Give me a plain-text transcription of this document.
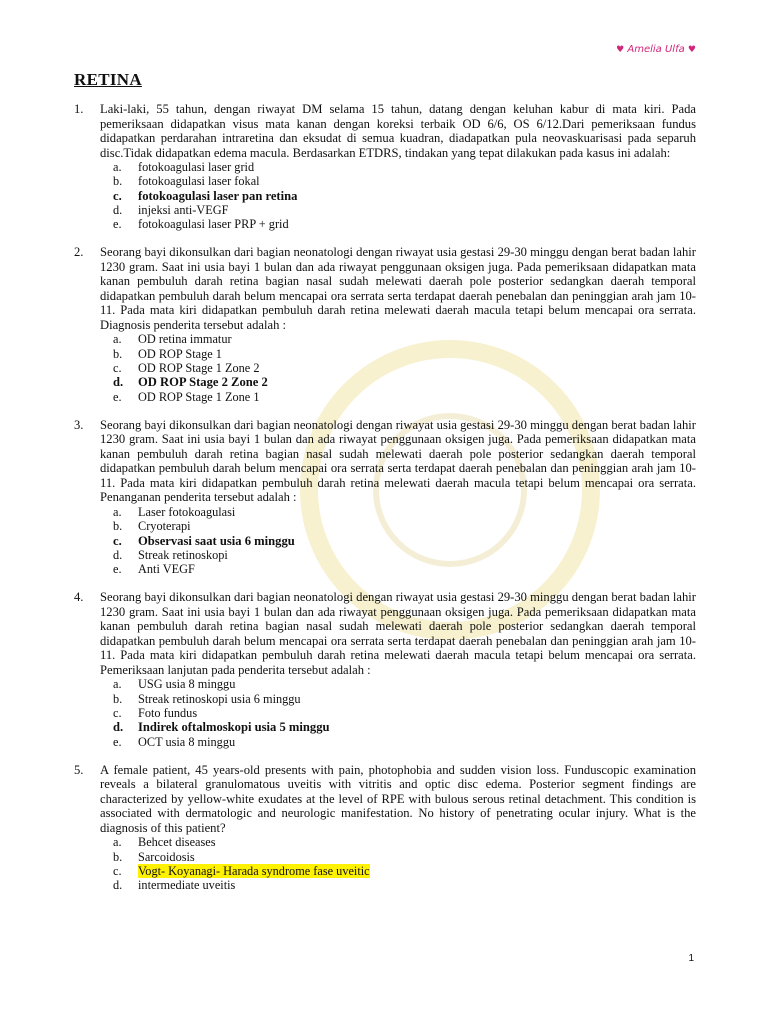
♥ Amelia Ulfa ♥
RETINA
1. Laki-laki, 55 tahun, dengan riwayat DM selama 15 tahun, datang dengan keluhan kabur di mata kiri. Pada pemeriksaan didapatkan visus mata kanan dengan koreksi terbaik OD 6/6, OS 6/12.Dari pemeriksaan fundus didapatkan perdarahan intraretina dan eksudat di semua kuadran, diadapatkan pula neovaskuarisasi pada separuh disc.Tidak didapatkan edema macula. Berdasarkan ETDRS, tindakan yang tepat dilakukan pada kasus ini adalah:

a. fotokoagulasi laser grid
b. fotokoagulasi laser fokal
c. fotokoagulasi laser pan retina
d. injeksi anti-VEGF
e. fotokoagulasi laser PRP + grid
2. Seorang bayi dikonsulkan dari bagian neonatologi dengan riwayat usia gestasi 29-30 minggu dengan berat badan lahir 1230 gram. Saat ini usia bayi 1 bulan dan ada riwayat penggunaan oksigen juga. Pada pemeriksaan didapatkan mata kanan pembuluh darah retina bagian nasal sudah melewati daerah pole posterior sedangkan daerah temporal didapatkan pembuluh darah belum mencapai ora serrata serta terdapat daerah penebalan dan peninggian arah jam 10-11. Pada mata kiri didapatkan pembuluh darah retina melewati daerah macula tetapi belum mencapai ora serrata. Diagnosis penderita tersebut adalah :

a. OD retina immatur
b. OD ROP Stage 1
c. OD ROP Stage 1 Zone 2
d. OD ROP Stage 2 Zone 2
e. OD ROP Stage 1 Zone 1
3. Seorang bayi dikonsulkan dari bagian neonatologi dengan riwayat usia gestasi 29-30 minggu dengan berat badan lahir 1230 gram. Saat ini usia bayi 1 bulan dan ada riwayat penggunaan oksigen juga. Pada pemeriksaan didapatkan mata kanan pembuluh darah retina bagian nasal sudah melewati daerah pole posterior sedangkan daerah temporal didapatkan pembuluh darah belum mencapai ora serrata serta terdapat daerah penebalan dan peninggian arah jam 10-11. Pada mata kiri didapatkan pembuluh darah retina melewati daerah macula tetapi belum mencapai ora serrata. Penanganan penderita tersebut adalah :

a. Laser fotokoagulasi
b. Cryoterapi
c. Observasi saat usia 6 minggu
d. Streak retinoskopi
e. Anti VEGF
4. Seorang bayi dikonsulkan dari bagian neonatologi dengan riwayat usia gestasi 29-30 minggu dengan berat badan lahir 1230 gram. Saat ini usia bayi 1 bulan dan ada riwayat penggunaan oksigen juga. Pada pemeriksaan didapatkan mata kanan pembuluh darah retina bagian nasal sudah melewati daerah pole posterior sedangkan daerah temporal didapatkan pembuluh darah belum mencapai ora serrata serta terdapat daerah penebalan dan peninggian arah jam 10-11. Pada mata kiri didapatkan pembuluh darah retina melewati daerah macula tetapi belum mencapai ora serrata. Pemeriksaan lanjutan pada penderita tersebut adalah :

a. USG usia 8 minggu
b. Streak retinoskopi usia 6 minggu
c. Foto fundus
d. Indirek oftalmoskopi usia 5 minggu
e. OCT usia 8 minggu
5. A female patient, 45 years-old presents with pain, photophobia and sudden vision loss. Funduscopic examination reveals a bilateral granulomatous uveitis with vitritis and optic disc edema. Posterior segment findings are characterized by yellow-white exudates at the level of RPE with bulous serous retinal detachment. This condition is associated with dermatologic and neurologic manifestation. No history of penetrating ocular injury. What is the diagnosis of this patient?

a. Behcet diseases
b. Sarcoidosis
c. Vogt- Koyanagi- Harada syndrome fase uveitic
d. intermediate uveitis
1
